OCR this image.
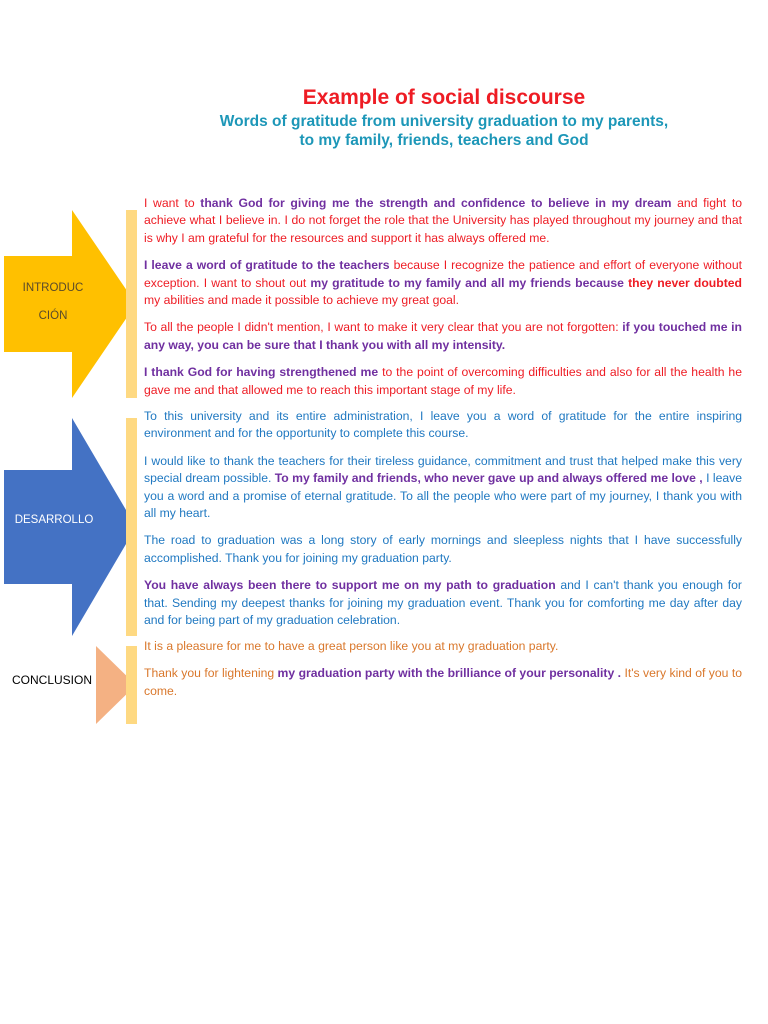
Example of social discourse
Words of gratitude from university graduation to my parents,
to my family, friends, teachers and God
INTRODUC
CIÓN
DESARROLLO
CONCLUSION

I want to thank God for giving me the strength and confidence to believe in my dream and fight to achieve what I believe in. I do not forget the role that the University has played throughout my journey and that is why I am grateful for the resources and support it has always offered me.

I leave a word of gratitude to the teachers because I recognize the patience and effort of everyone without exception. I want to shout out my gratitude to my family and all my friends because they never doubted my abilities and made it possible to achieve my great goal.

To all the people I didn't mention, I want to make it very clear that you are not forgotten: if you touched me in any way, you can be sure that I thank you with all my intensity.

I thank God for having strengthened me to the point of overcoming difficulties and also for all the health he gave me and that allowed me to reach this important stage of my life.

To this university and its entire administration, I leave you a word of gratitude for the entire inspiring environment and for the opportunity to complete this course.

I would like to thank the teachers for their tireless guidance, commitment and trust that helped make this very special dream possible. To my family and friends, who never gave up and always offered me love , I leave you a word and a promise of eternal gratitude. To all the people who were part of my journey, I thank you with all my heart.

The road to graduation was a long story of early mornings and sleepless nights that I have successfully accomplished. Thank you for joining my graduation party.

You have always been there to support me on my path to graduation and I can't thank you enough for that. Sending my deepest thanks for joining my graduation event. Thank you for comforting me day after day and for being part of my graduation celebration.

It is a pleasure for me to have a great person like you at my graduation party.

Thank you for lightening my graduation party with the brilliance of your personality . It's very kind of you to come.
